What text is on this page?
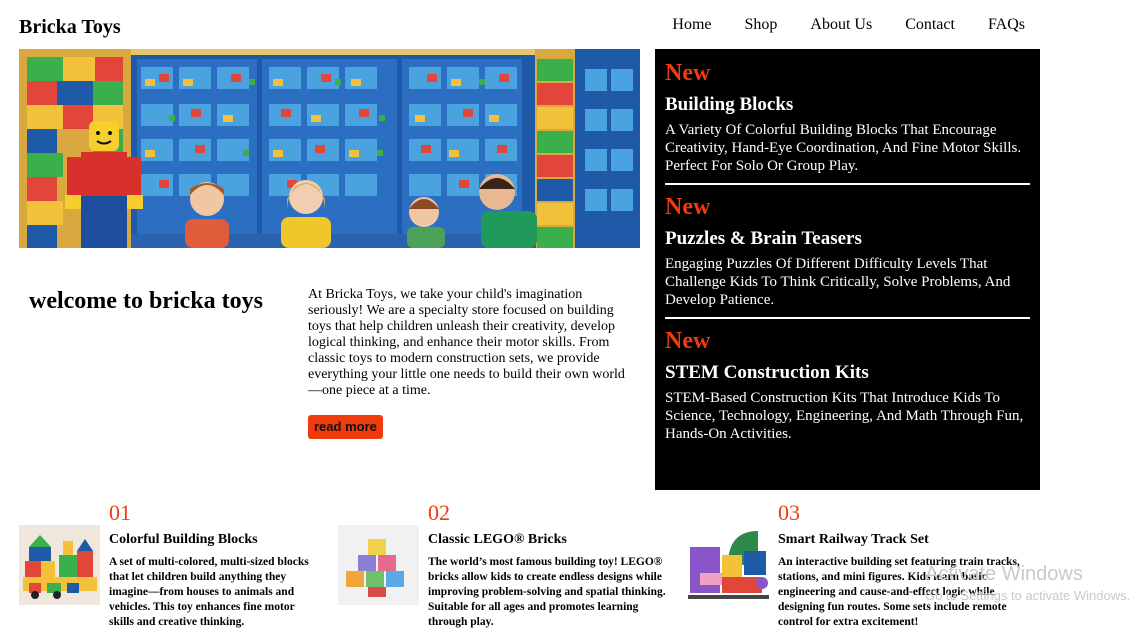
Bricka Toys	Home Shop About Us Contact FAQs
welcome to bricka toys	At Bricka Toys, we take your child's imagination seriously! We are a specialty store focused on building toys that help children unleash their creativity, develop logical thinking, and enhance their motor skills. From classic toys to modern construction sets, we provide everything your little one needs to build their own world —one piece at a time.

read more
New
Building Blocks
A Variety Of Colorful Building Blocks That Encourage Creativity, Hand-Eye Coordination, And Fine Motor Skills. Perfect For Solo Or Group Play.
New
Puzzles & Brain Teasers
Engaging Puzzles Of Different Difficulty Levels That Challenge Kids To Think Critically, Solve Problems, And Develop Patience.
New
STEM Construction Kits
STEM-Based Construction Kits That Introduce Kids To Science, Technology, Engineering, And Math Through Fun, Hands-On Activities.
01
Colorful Building Blocks
A set of multi-colored, multi-sized blocks that let children build anything they imagine—from houses to animals and vehicles. This toy enhances fine motor skills and creative thinking.
02
Classic LEGO® Bricks
The world’s most famous building toy! LEGO® bricks allow kids to create endless designs while improving problem-solving and spatial thinking. Suitable for all ages and promotes learning through play.
03
Smart Railway Track Set
An interactive building set featuring train tracks, stations, and mini figures. Kids learn basic engineering and cause-and-effect logic while designing fun routes. Some sets include remote control for extra excitement!
Activate Windows
Go to Settings to activate Windows.
